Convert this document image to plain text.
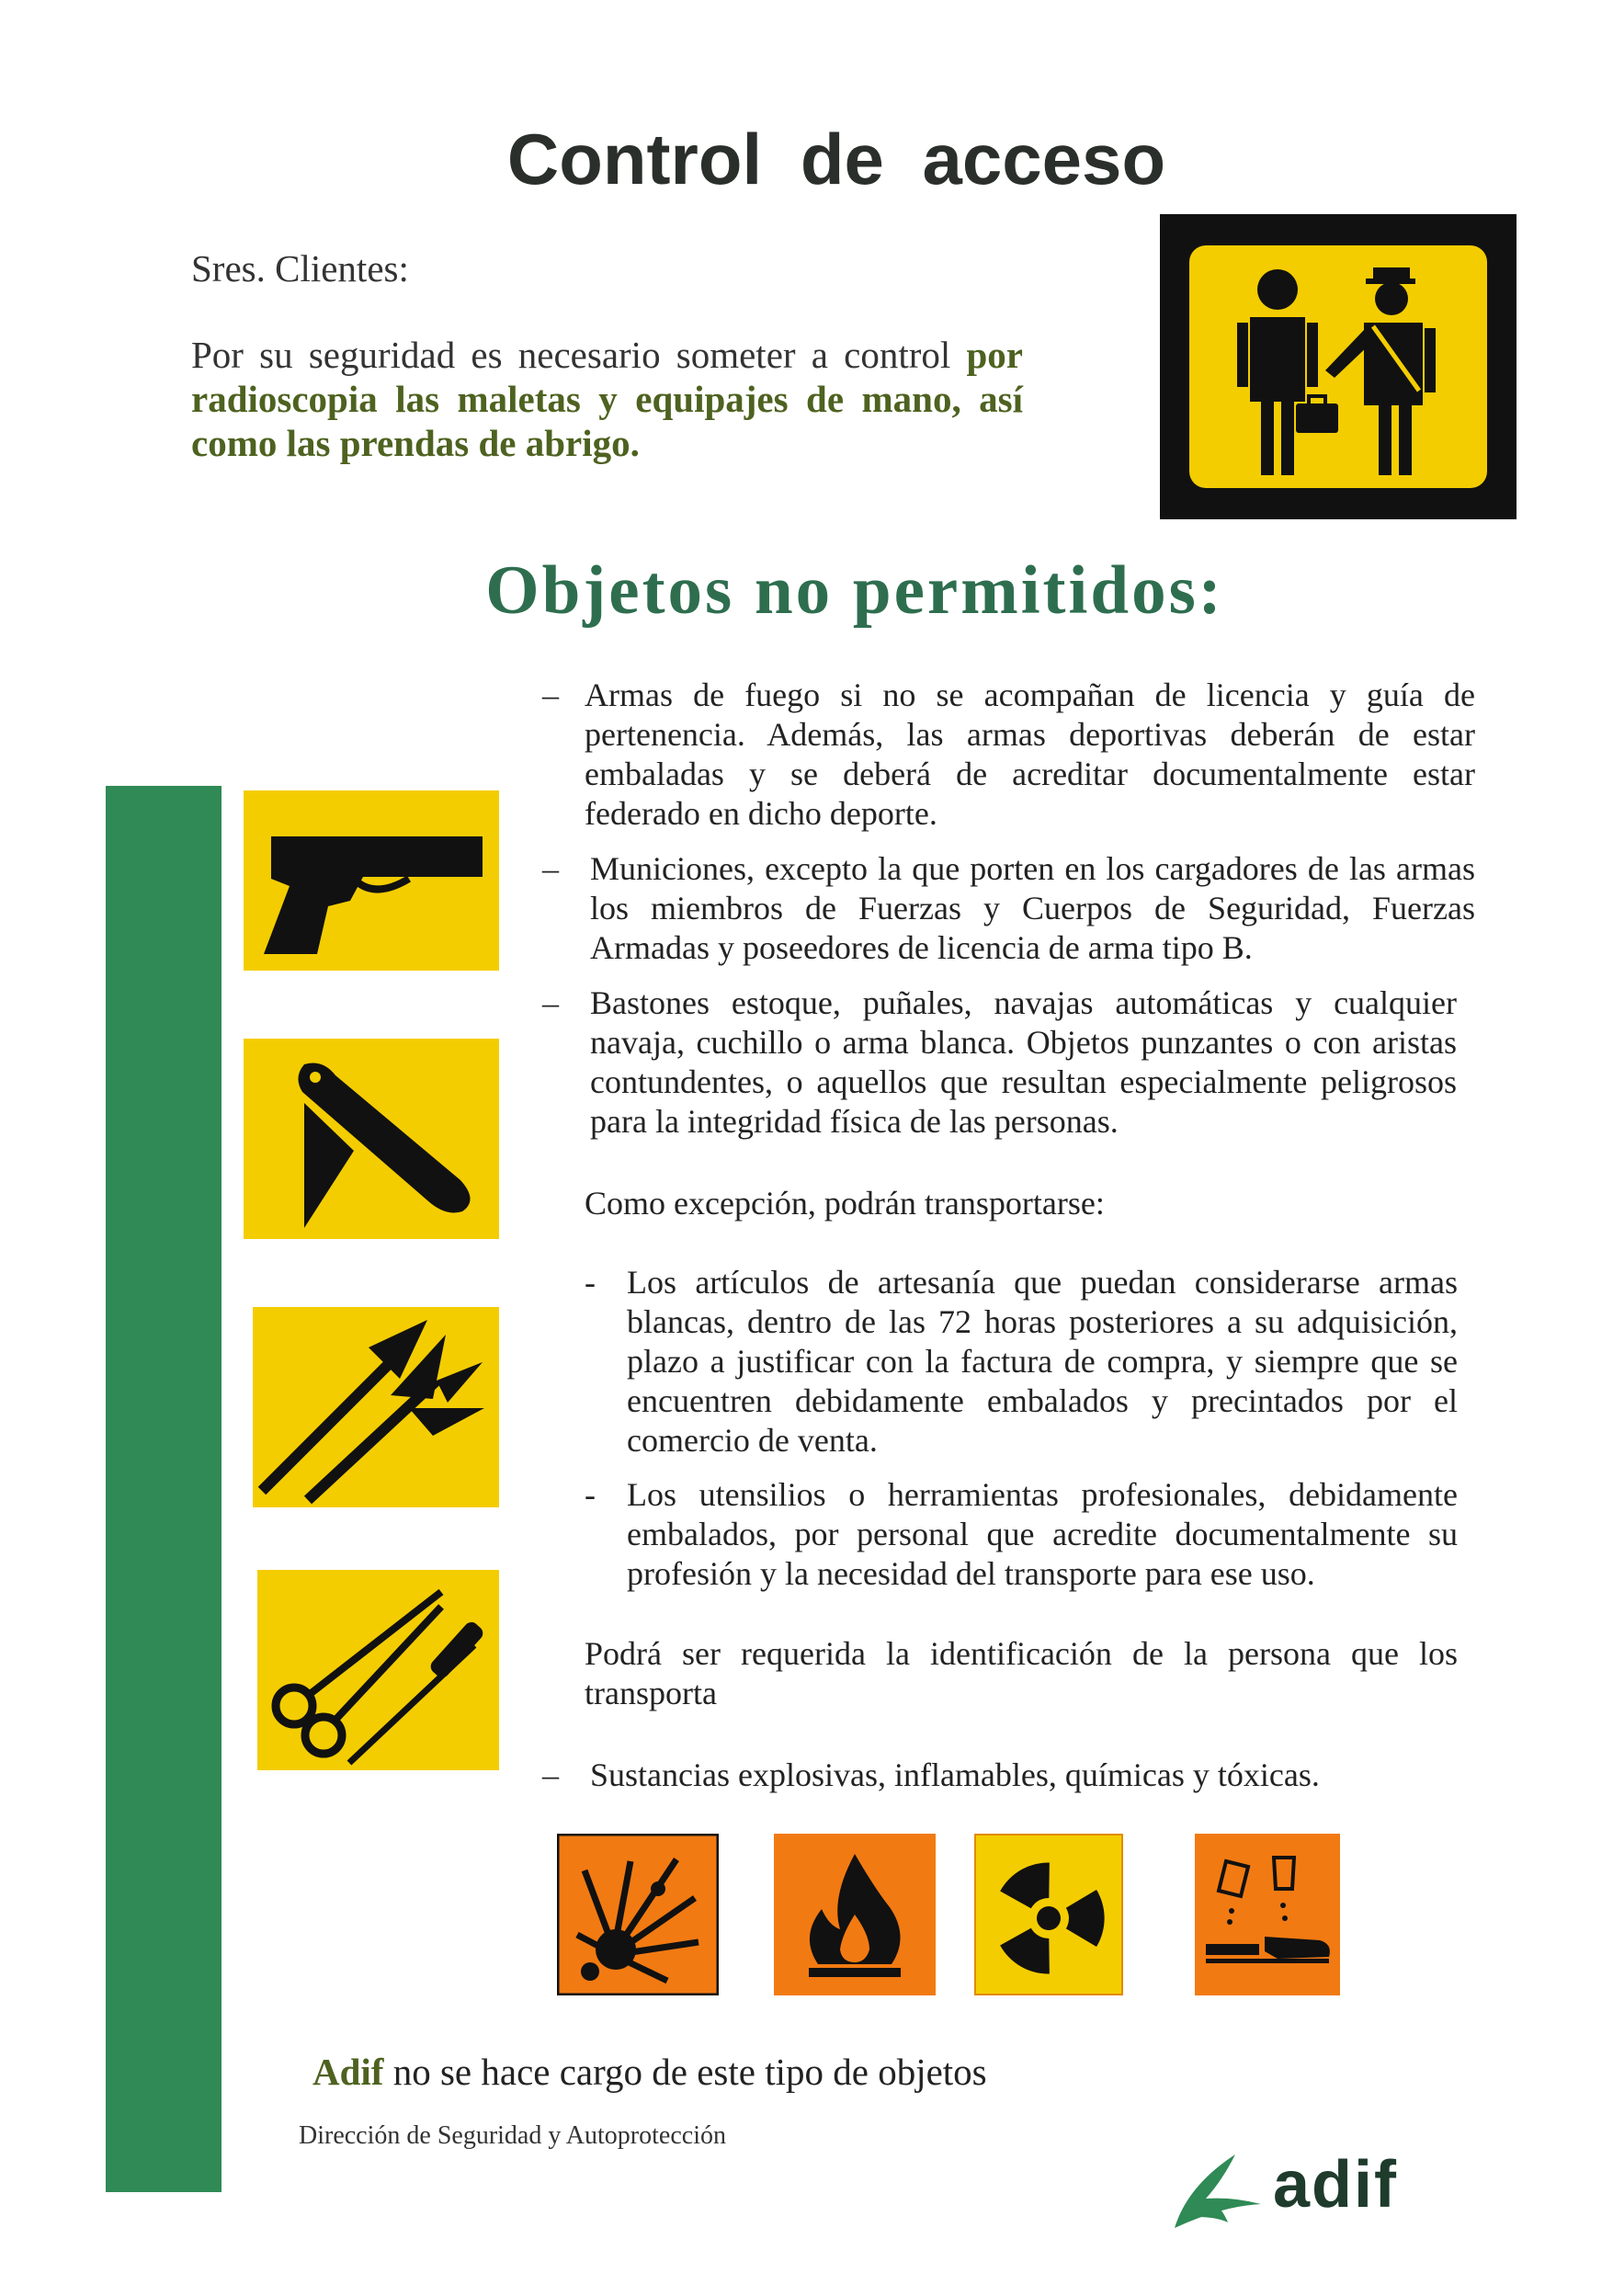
Control de acceso
Sres. Clientes:
Por su seguridad es necesario someter a control por radioscopia las maletas y equipajes de mano, así como las prendas de abrigo.
Objetos no permitidos:
– Armas de fuego si no se acompañan de licencia y guía de pertenencia. Además, las armas deportivas deberán de estar embaladas y se deberá de acreditar documentalmente estar federado en dicho deporte.
– Municiones, excepto la que porten en los cargadores de las armas los miembros de Fuerzas y Cuerpos de Seguridad, Fuerzas Armadas y poseedores de licencia de arma tipo B.
– Bastones estoque, puñales, navajas automáticas y cualquier navaja, cuchillo o arma blanca. Objetos punzantes o con aristas contundentes, o aquellos que resultan especialmente peligrosos para la integridad física de las personas.
Como excepción, podrán transportarse:
- Los artículos de artesanía que puedan considerarse armas blancas, dentro de las 72 horas posteriores a su adquisición, plazo a justificar con la factura de compra, y siempre que se encuentren debidamente embalados y precintados por el comercio de venta.
- Los utensilios o herramientas profesionales, debidamente embalados, por personal que acredite documentalmente su profesión y la necesidad del transporte para ese uso.
Podrá ser requerida la identificación de la persona que los transporta
– Sustancias explosivas, inflamables, químicas y tóxicas.
Adif no se hace cargo de este tipo de objetos
Dirección de Seguridad y Autoprotección
adif
